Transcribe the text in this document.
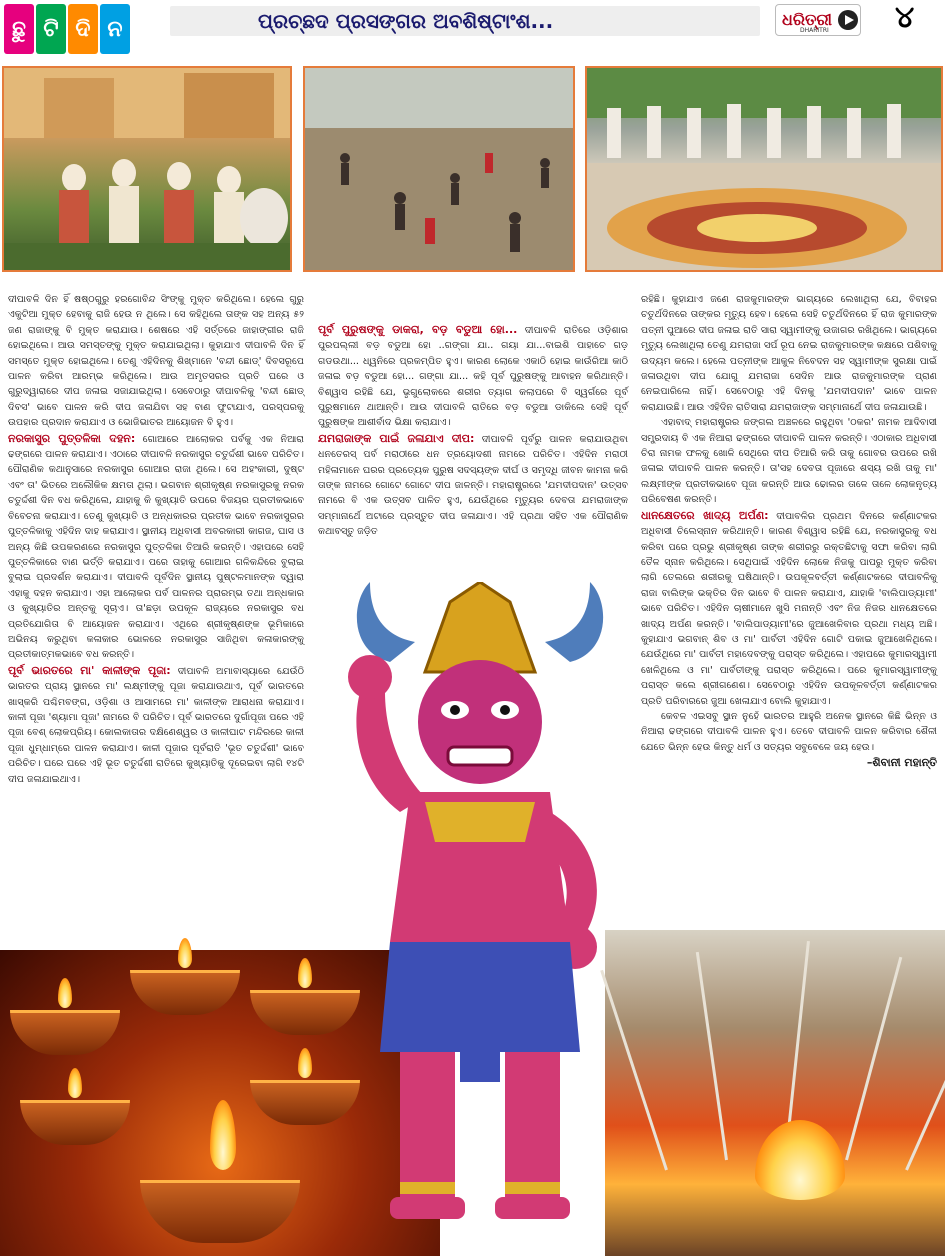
ଛୁ ଟି ଦି ନ	ପ୍ରଚ୍ଛଦ ପ୍ରସଙ୍ଗର ଅବଶିଷ୍ଟାଂଶ...	ଧରିତ୍ରୀ
DHARITRI ୪

ଦୀପାବଳି ଦିନ ହିଁ ଷଷ୍ଠଗୁରୁ ହରଗୋବିନ୍ଦ ସିଂଙ୍କୁ ମୁକ୍ତ କରିଥିଲେ। ହେଲେ ଗୁରୁ ଏକୁଟିଆ ମୁକ୍ତ ହେବାକୁ ରାଜି ହେଉ ନ ଥିଲେ। ସେ କହିଥିଲେ ତାଙ୍କ ସହ ଅନ୍ୟ ୫୨ ଜଣ ରାଜାଙ୍କୁ ବି ମୁକ୍ତ କରାଯାଉ। ଶେଷରେ ଏହି ସର୍ତ୍ତରେ ଜାହାଙ୍ଗୀର ରାଜି ହୋଇଥିଲେ। ଆଉ ସମସ୍ତଙ୍କୁ ମୁକ୍ତ କରାଯାଇଥିଲା। କୁହାଯାଏ ଦୀପାବଳି ଦିନ ହିଁ ସମସ୍ତେ ମୁକ୍ତ ହୋଇଥିଲେ। ତେଣୁ ଏହିଦିନକୁ ଶିଖ୍‌ମାନେ 'ବନ୍ଦୀ ଛୋଡ୍' ଦିବସରୂପେ ପାଳନ କରିବା ଆରମ୍ଭ କରିଥିଲେ। ଆଉ ଅମୃତସରର ପ୍ରତି ଘରେ ଓ ଗୁରୁଦ୍ୱାରାରେ ଦୀପ ଜଳାଇ ସଜାଯାଇଥିଲା। ସେବେଠାରୁ ଦୀପାବଳିକୁ 'ବନ୍ଦୀ ଛୋଡ୍ ଦିବସ' ଭାବେ ପାଳନ କରି ଦୀପ ଜଳାଯିବା ସହ ବାଣ ଫୁଟାଯାଏ, ପରସ୍ପରକୁ ଉପହାର ପ୍ରଦାନ କରାଯାଏ ଓ ଭୋଜିଭାତର ଆୟୋଜନ ବି ହୁଏ।

ନରକାସୁର ପୁତ୍ତଳିକା ଦହନ: ଗୋଆରେ ଆଲୋକର ପର୍ବକୁ ଏକ ନିଆରା ଢଙ୍ଗରେ ପାଳନ କରାଯାଏ। ଏଠାରେ ଦୀପାବଳି ନରକାସୁର ଚତୁର୍ଦ୍ଦଶୀ ଭାବେ ପରିଚିତ। ପୌରାଣିକ କଥାନୁସାରେ ନରକାସୁର ଗୋଆର ରାଜା ଥିଲେ। ସେ ଅହଂକାରୀ, ଦୁଷ୍ଟ ଏବଂ ତା' ଭିତରେ ଅଲୌକିକ କ୍ଷମତା ଥିଲା। ଭଗବାନ ଶ୍ରୀକୃଷ୍ଣ ନରକାସୁରକୁ ନରକ ଚତୁର୍ଦ୍ଦଶୀ ଦିନ ବଧ କରିଥିଲେ, ଯାହାକୁ କି କୁଖ୍ୟାତି ଉପରେ ବିଜୟର ପ୍ରତୀକଭାବେ ବିବେଚନା କରାଯାଏ। ତେଣୁ କୁଖ୍ୟାତି ଓ ଅନ୍ଧକାରର ପ୍ରତୀକ ଭାବେ ନରକାସୁରର ପୁତ୍ତଳିକାକୁ ଏହିଦିନ ଦାହ କରାଯାଏ। ସ୍ଥାନୀୟ ଅଧିବାସୀ ଅବରକାରୀ କାଗଜ, ଘାସ ଓ ଅନ୍ୟ କିଛି ଉପକରଣରେ ନରକାସୁର ପୁତ୍ତଳିକା ତିଆରି କରନ୍ତି। ଏହାପରେ ସେହି ପୁତ୍ତଳିକାରେ ବାଣ ଭର୍ତ୍ତି କରାଯାଏ। ପରେ ତାହାକୁ ଗୋଆର ଗଳିକନ୍ଦିରେ ବୁଲାଇ ବୁଲାଇ ପ୍ରଦର୍ଶନ କରାଯାଏ। ଦୀପାବଳି ପୂର୍ବଦିନ ସ୍ଥାନୀୟ ପୁଷ୍ଟଳମାନଙ୍କ ଦ୍ୱାରା ଏହାକୁ ଦହନ କରାଯାଏ। ଏହା ଆଲୋକର ପର୍ବ ପାଳନର ପ୍ରାରମ୍ଭ ତଥା ଅନ୍ଧକାର ଓ କୁଖ୍ୟାତିର ଅନ୍ତକୁ ସୂଚାଏ। ତା'ଛଡ଼ା ଉପକୂଳ ରାଜ୍ୟରେ ନରକାସୁର ବଧ ପ୍ରତିଯୋଗିତା ବି ଆୟୋଜନ କରାଯାଏ। ଏଥିରେ ଶ୍ରୀକୃଷ୍ଣଙ୍କ ଭୂମିକାରେ ଅଭିନୟ କରୁଥିବା କଳାକାର ଭୋଳରେ ନରକାସୁର ସାଜିଥିବା କଳାକାରଙ୍କୁ ପ୍ରତୀକାତ୍ମକଭାବେ ବଧ କରନ୍ତି।

ପୂର୍ବ ଭାରତରେ ମା' କାଳୀଙ୍କ ପୂଜା: ଦୀପାବଳି ଅମାବାସ୍ୟାରେ ଯେଉଁଠି ଭାରତର ପ୍ରାୟ ସ୍ଥାନରେ ମା' ଲକ୍ଷ୍ମୀଙ୍କୁ ପୂଜା କରାଯାଉଥାଏ, ପୂର୍ବ ଭାରତରେ ଖାସ୍‌କରି ପଶ୍ଚିମବଙ୍ଗ, ଓଡ଼ିଶା ଓ ଆସାମରେ ମା' କାଳୀଙ୍କ ଆରାଧନା କରାଯାଏ। କାଳୀ ପୂଜା 'ଶ୍ୟାମା ପୂଜା' ନାମରେ ବି ପରିଚିତ। ପୂର୍ବ ଭାରତରେ ଦୁର୍ଗାପୂଜା ପରେ ଏହି ପୂଜା ବେଶ୍ ଲୋକପ୍ରିୟ। କୋଲକାତାର ଦକ୍ଷିଣେଶ୍ୱର ଓ କାଳୀଘାଟ ମନ୍ଦିରରେ କାଳୀ ପୂଜା ଧୁମ୍‌ଧାମ୍‌ରେ ପାଳନ କରାଯାଏ। କାଳୀ ପୂଜାର ପୂର୍ବରାତି 'ଭୂତ ଚତୁର୍ଦ୍ଦଶୀ' ଭାବେ ପରିଚିତ। ଘରେ ଘରେ ଏହି ଭୂତ ଚତୁର୍ଦ୍ଦଶୀ ରାତିରେ କୁଖ୍ୟାତିକୁ ଦୂରେଇବା ଲାଗି ୧୪ଟି ଦୀପ ଜଳାଯାଇଥାଏ।

ପୂର୍ବ ପୁରୁଷଙ୍କୁ ଡାକରା, ବଡ଼ ବଡୁଆ ହୋ... ଦୀପାବଳି ରାତିରେ ଓଡ଼ିଶାର ପୁରପଲ୍ଲୀ ବଡ଼ ବଡୁଆ ହୋ ..ଗଙ୍ଗା ଯା.. ଗୟା ଯା...ବାଇଶି ପାହାଚେ ଗଡ଼ ଗଡଉଥା... ଧ୍ୱନିରେ ପ୍ରକମ୍ପିତ ହୁଏ। କାରଣ ଲୋକେ ଏକାଠି ହୋଇ କାଉଁରିଆ କାଠି ଜଳାଇ ବଡ଼ ବଡୁଆ ହୋ... ଗଙ୍ଗା ଯା... କହି ପୂର୍ବ ପୁରୁଷଙ୍କୁ ଆବାହନ କରିଥାନ୍ତି। ବିଶ୍ୱାସ ରହିଛି ଯେ, ଭୃଗୁଲୋକରେ ଶରୀର ତ୍ୟାଗ କଲାପରେ ବି ସ୍ୱର୍ଗରେ ପୂର୍ବ ପୁରୁଷମାନେ ଥାଆନ୍ତି। ଆଉ ଦୀପାବଳି ରାତିରେ ବଡ଼ ବଡୁଆ ଡାକିଲେ ସେହି ପୂର୍ବ ପୁରୁଷଙ୍କ ଆଶୀର୍ବାଦ ଭିକ୍ଷା କରାଯାଏ।

ଯମରାଜାଙ୍କ ପାଇଁ ଜଳାଯାଏ ଦୀପ: ଦୀପାବଳି ପୂର୍ବରୁ ପାଳନ କରାଯାଉଥିବା ଧନତେରସ୍ ପର୍ବ ମରାଠୀରେ ଧନ ତ୍ରୟୋଦଶୀ ନାମରେ ପରିଚିତ। ଏହିଦିନ ମରାଠୀ ମହିଳାମାନେ ଘରର ପ୍ରତ୍ୟେକ ପୁରୁଷ ସଦସ୍ୟଙ୍କ ଦୀର୍ଘ ଓ ସମୃଦ୍ଧି ଜୀବନ କାମନା କରି ତାଙ୍କ ନାମରେ ଗୋଟେ ଗୋଟେ ଦୀପ ଜାଳନ୍ତି। ମହାରାଷ୍ଟ୍ରରେ 'ଯମଦୀପଦାନ' ଉତ୍ସବ ନାମରେ ବି ଏକ ଉତ୍ସବ ପାଳିତ ହୁଏ, ଯେଉଁଥିରେ ମୃତ୍ୟୁର ଦେବତା ଯମରାଜାଙ୍କ ସମ୍ମାନାର୍ଥେ ଅଟାରେ ପ୍ରସ୍ତୁତ ଦୀପ ଜଳାଯାଏ। ଏହି ପ୍ରଥା ସହିତ ଏକ ପୌରାଣିକ କଥାବସ୍ତୁ ଜଡ଼ିତ

ରହିଛି। କୁହାଯାଏ ଜଣେ ରାଜକୁମାରଙ୍କ ଭାଗ୍ୟରେ ଲେଖାଥିଲା ଯେ, ବିବାହର ଚତୁର୍ଥଦିନରେ ତାଙ୍କର ମୃତ୍ୟୁ ହେବ। ହେଲେ ସେହି ଚତୁର୍ଥଦିନରେ ହିଁ ରାଜ କୁମାରଙ୍କ ପତ୍ନୀ ପୁଆରେ ଦୀପ ଜଳାଇ ରାତି ସାରା ସ୍ୱାମୀଙ୍କୁ ଉଜାଗର ରଖିଥିଲେ। ଭାଗ୍ୟରେ ମୃତ୍ୟୁ ଲେଖାଥିଲା ତେଣୁ ଯମରାଜା ସର୍ପ ରୂପ ନେଇ ରାଜକୁମାରଙ୍କ କକ୍ଷରେ ପଶିବାକୁ ଉଦ୍ୟମ କଲେ। ହେଲେ ପତ୍ନୀଙ୍କ ଆକୁଳ ନିବେଦନ ସହ ସ୍ୱାମୀଙ୍କ ସୁରକ୍ଷା ପାଇଁ ଜଳାଉଥିବା ଦୀପ ଯୋଗୁ ଯମରାଜା ସେଦିନ ଆଉ ରାଜକୁମାରଙ୍କ ପ୍ରାଣ ନେଇପାରିଲେ ନାହିଁ। ସେବେଠାରୁ ଏହି ଦିନକୁ 'ଯମଦୀପଦାନ' ଭାବେ ପାଳନ କରାଯାଉଛି। ଆଉ ଏହିଦିନ ରାତିସାରା ଯମରାଜାଙ୍କ ସମ୍ମାନାର୍ଥେ ଦୀପ ଜଳାଯାଉଛି।

ଏହାବାଦ୍ ମହାରାଷ୍ଟ୍ରର ଜଙ୍ଗଲ ଅଞ୍ଚଳରେ ରହୁଥିବା 'ଠକର' ନାମକ ଆଦିବାସୀ ସମ୍ପ୍ରଦାୟ ବି ଏକ ନିଆରା ଢଙ୍ଗରେ ଦୀପାବଳି ପାଳନ କରନ୍ତି। ଏଠାକାର ଅଧିବାସୀ ଚିରା ନାମକ ଫଳକୁ ଖୋଳି ସେଥିରେ ଦୀପ ତିଆରି କରି ତାକୁ ଗୋବର ଉପରେ ରଖି ଜଳାଇ ଦୀପାବଳି ପାଳନ କରନ୍ତି। ତା'ସହ ଦେବତା ପୂଜାରେ ଶସ୍ୟ ରଖି ତାକୁ ମା' ଲକ୍ଷ୍ମୀଙ୍କ ପ୍ରତୀକଭାବେ ପୂଜା କରନ୍ତି ଆଉ ଢୋଲର ତାଳେ ତାଳେ ଲୋକନୃତ୍ୟ ପରିବେଷଣ କରନ୍ତି।

ଧାନକ୍ଷେତରେ ଖାଦ୍ୟ ଅର୍ପଣ: ଦୀପାବଳିର ପ୍ରଥମ ଦିନରେ କର୍ଣ୍ଣାଟକର ଅଧିବାସୀ ଚିଲେସ୍ନାନ କରିଥାନ୍ତି। କାରଣ ବିଶ୍ୱାସ ରହିଛି ଯେ, ନରକାସୁରକୁ ବଧ କରିବା ପରେ ପ୍ରଭୁ ଶ୍ରୀକୃଷ୍ଣ ତାଙ୍କ ଶରୀରରୁ ରକ୍ତଛିଟାକୁ ସଫା କରିବା ଲାଗି ତୈଳ ସ୍ନାନ କରିଥିଲେ। ସେଥିପାଇଁ ଏହିଦିନ ଲୋକେ ନିଜକୁ ପାପରୁ ମୁକ୍ତ କରିବା ଲାଗି ତେଲରେ ଶରୀରକୁ ଘଷିଥାନ୍ତି। ଉପକୂଳବର୍ତ୍ତୀ କର୍ଣ୍ଣାଟକରେ ଦୀପାବଳିକୁ ରାଜା ବାଲିଙ୍କ ଭକ୍ତିର ଦିନ ଭାବେ ବି ପାଳନ କରାଯାଏ, ଯାହାକି 'ବାଲିପାଡ୍ୟାମୀ' ଭାବେ ପରିଚିତ। ଏହିଦିନ ଚାଷୀମାନେ ଖୁସି ମନାନ୍ତି ଏବଂ ନିଜ ନିଜର ଧାନକ୍ଷେତରେ ଖାଦ୍ୟ ଅର୍ପଣ କରନ୍ତି। 'ବାଲିପାଡ୍ୟାମୀ'ରେ ଜୁଆଖେଳିବାର ପ୍ରଥା ମଧ୍ୟ ଅଛି। କୁହାଯାଏ ଭଗବାନ୍ ଶିବ ଓ ମା' ପାର୍ବତୀ ଏହିଦିନ ଗୋଟି ପକାଇ ଜୁଆଖେଳିଥିଲେ। ଯେଉଁଥିରେ ମା' ପାର୍ବତୀ ମହାଦେବଙ୍କୁ ପରାସ୍ତ କରିଥିଲେ। ଏହାପରେ କୁମାରସ୍ୱାମୀ ଖେଳିଥିଲେ ଓ ମା' ପାର୍ବତୀଙ୍କୁ ପରାସ୍ତ କରିଥିଲେ। ପରେ କୁମାରସ୍ୱାମୀଙ୍କୁ ପରାସ୍ତ କଲେ ଶ୍ରୀଗଣେଶ। ସେବେଠାରୁ ଏହିଦିନ ଉପକୂଳବର୍ତ୍ତୀ କର୍ଣ୍ଣାଟକର ପ୍ରତି ପରିବାରରେ ଜୁଆ ଖେଳାଯାଏ ବୋଲି କୁହାଯାଏ।

କେବଳ ଏଇସବୁ ସ୍ଥାନ ନୁହେଁ ଭାରତର ଆହୁରି ଅନେକ ସ୍ଥାନରେ କିଛି ଭିନ୍ନ ଓ ନିଆରା ଢଙ୍ଗରେ ଦୀପାବଳି ପାଳନ ହୁଏ। ତେବେ ଦୀପାବଳି ପାଳନ କରିବାର ଶୈଳୀ ଯେତେ ଭିନ୍ନ ହେଉ କିନ୍ତୁ ଧର୍ମ ଓ ସତ୍ୟର ସବୁବେଳେ ଜୟ ହେଉ।

–ଶିବାନୀ ମହାନ୍ତି
